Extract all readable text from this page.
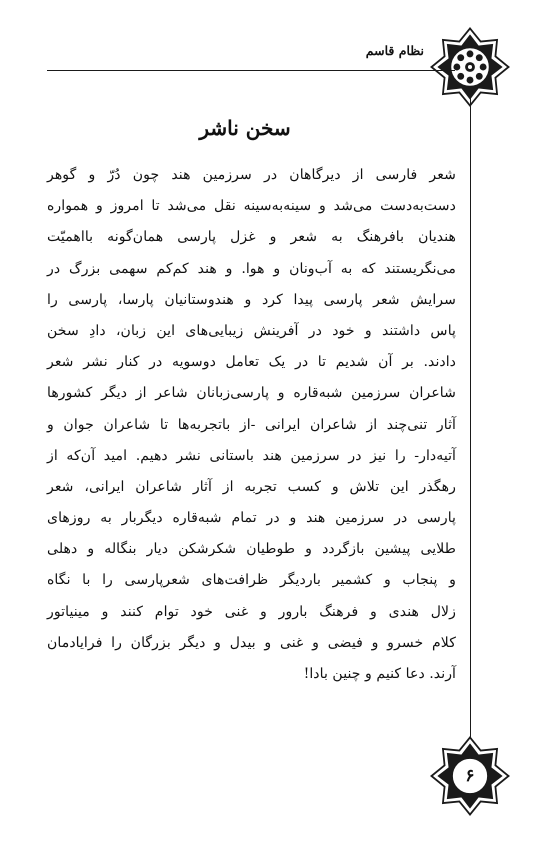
نظام قاسم
سخن ناشر
شعر فارسی از دیرگاهان در سرزمین هند چون دُرّ و گوهر
دست‌به‌دست می‌شد و سینه‌به‌سینه نقل می‌شد تا امروز و همواره
هندیان بافرهنگ به شعر و غزل پارسی همان‌گونه بااهمیّت
می‌نگریستند که به آب‌ونان و هوا. و هند کم‌کم سهمی بزرگ در
سرایش شعر پارسی پیدا کرد و هندوستانیان پارسا، پارسی را
پاس داشتند و خود در آفرینش زیبایی‌های این زبان، دادِ سخن
دادند. بر آن شدیم تا در یک تعامل دوسویه در کنار نشر شعر
شاعران سرزمین شبه‌قاره و پارسی‌زبانان شاعر از دیگر کشورها
آثار تنی‌چند از شاعران ایرانی -از باتجربه‌ها تا شاعران جوان و
آتیه‌دار- را نیز در سرزمین هند باستانی نشر دهیم. امید آن‌که از
رهگذر این تلاش و کسب تجربه از آثار شاعران ایرانی، شعر
پارسی در سرزمین هند و در تمام شبه‌قاره دیگربار به روزهای
طلایی پیشین بازگردد و طوطیان شکرشکن دیار بنگاله و دهلی
و پنجاب و کشمیر باردیگر ظرافت‌های شعرپارسی را با نگاه
زلال هندی و فرهنگ بارور و غنی خود توام کنند و مینیاتور
کلام خسرو و فیضی و غنی و بیدل و دیگر بزرگان را فرایادمان
آرند. دعا کنیم و چنین بادا!
۶
